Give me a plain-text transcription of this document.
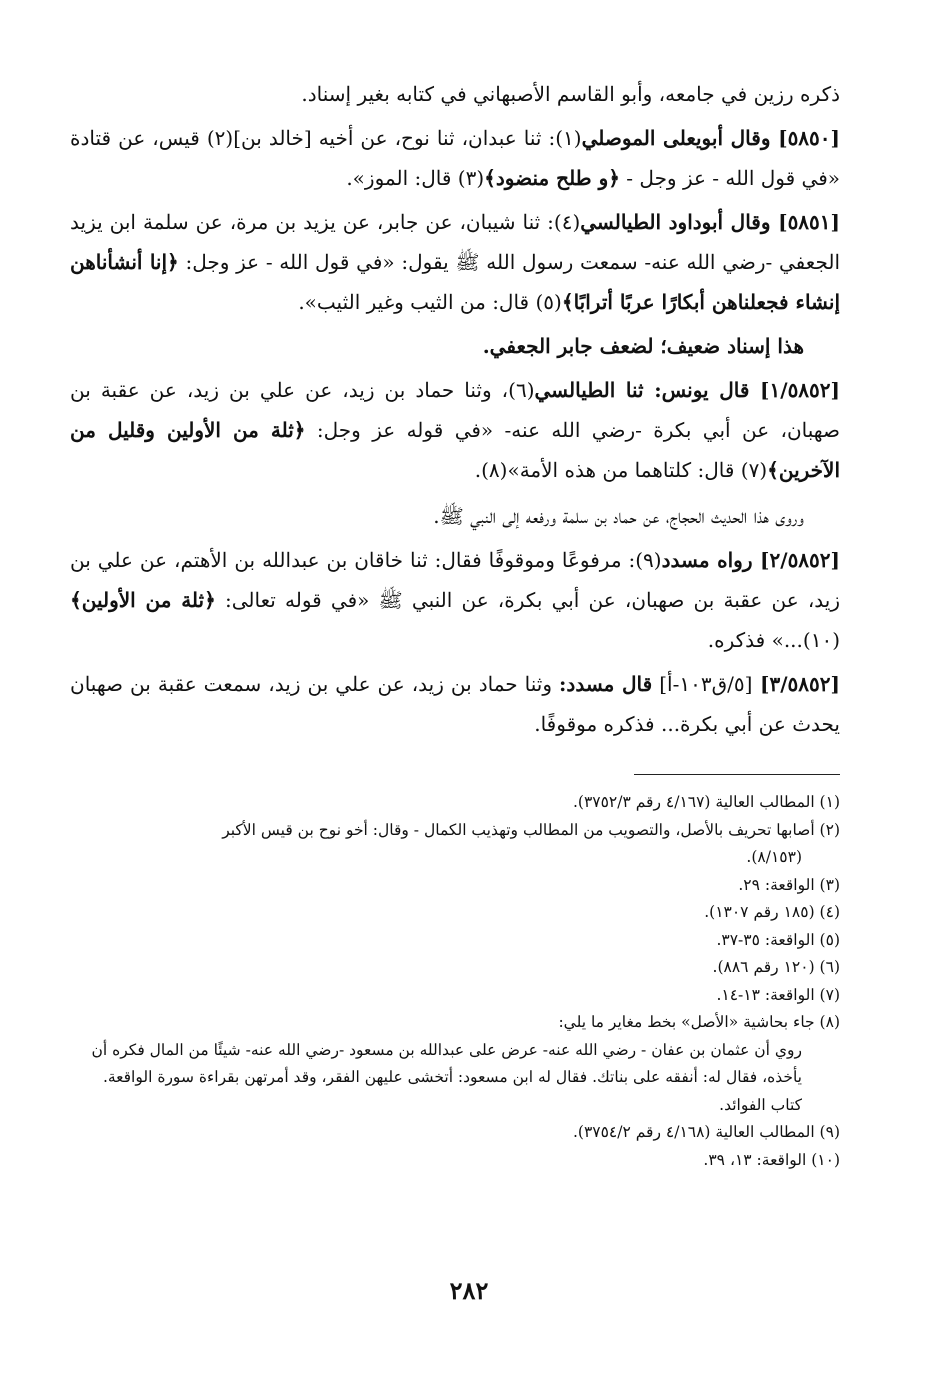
ذكره رزين في جامعه، وأبو القاسم الأصبهاني في كتابه بغير إسناد.
[٥٨٥٠] وقال أبويعلى الموصلي(١): ثنا عبدان، ثنا نوح، عن أخيه [خالد بن](٢) قيس، عن قتادة «في قول الله - عز وجل - ﴿و طلح منضود﴾(٣) قال: الموز».
[٥٨٥١] وقال أبوداود الطيالسي(٤): ثنا شيبان، عن جابر، عن يزيد بن مرة، عن سلمة ابن يزيد الجعفي -رضي الله عنه- سمعت رسول الله ﷺ يقول: «في قول الله - عز وجل: ﴿إنا أنشأناهن إنشاء فجعلناهن أبكارًا عربًا أترابًا﴾(٥) قال: من الثيب وغير الثيب».
هذا إسناد ضعيف؛ لضعف جابر الجعفي.
[١/٥٨٥٢] قال يونس: ثنا الطيالسي(٦)، وثنا حماد بن زيد، عن علي بن زيد، عن عقبة بن صهبان، عن أبي بكرة -رضي الله عنه- «في قوله عز وجل: ﴿ثلة من الأولين وقليل من الآخرين﴾(٧) قال: كلتاهما من هذه الأمة»(٨).
وروى هذا الحديث الحجاج، عن حماد بن سلمة ورفعه إلى النبي ﷺ.
[٢/٥٨٥٢] رواه مسدد(٩): مرفوعًا وموقوفًا فقال: ثنا خاقان بن عبدالله بن الأهتم، عن علي بن زيد، عن عقبة بن صهبان، عن أبي بكرة، عن النبي ﷺ «في قوله تعالى: ﴿ثلة من الأولين﴾(١٠)...» فذكره.
[٣/٥٨٥٢] [٥/ق١٠٣-أ] قال مسدد: وثنا حماد بن زيد، عن علي بن زيد، سمعت عقبة بن صهبان يحدث عن أبي بكرة... فذكره موقوفًا.
(١) المطالب العالية (٤/١٦٧ رقم ٣٧٥٢/٣).
(٢) أصابها تحريف بالأصل، والتصويب من المطالب وتهذيب الكمال - وقال: أخو نوح بن قيس الأكبر
(٨/١٥٣).
(٣) الواقعة: ٢٩.
(٤) (١٨٥ رقم ١٣٠٧).
(٥) الواقعة: ٣٥-٣٧.
(٦) (١٢٠ رقم ٨٨٦).
(٧) الواقعة: ١٣-١٤.
(٨) جاء بحاشية «الأصل» بخط مغاير ما يلي:
روي أن عثمان بن عفان - رضي الله عنه- عرض على عبدالله بن مسعود -رضي الله عنه- شيئًا من المال فكره أن يأخذه، فقال له: أنفقه على بناتك. فقال له ابن مسعود: أتخشى عليهن الفقر، وقد أمرتهن بقراءة سورة الواقعة. كتاب الفوائد.
(٩) المطالب العالية (٤/١٦٨ رقم ٣٧٥٤/٢).
(١٠) الواقعة: ١٣، ٣٩.
٢٨٢
